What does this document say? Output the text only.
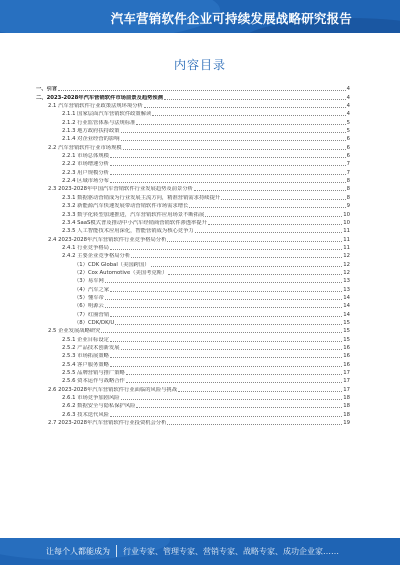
汽车营销软件企业可持续发展战略研究报告
内容目录
一、引言	4
二、2023-2028年汽车营销软件市场前景及趋势预测	4
2.1 汽车营销软件行业政策法规环境分析	4
2.1.1 国家层面汽车营销软件政策解读	4
2.1.2 行业监管体系与法规标准	5
2.1.3 地方政府扶持政策	5
2.1.4 对企业经营的影响	6
2.2 汽车营销软件行业市场规模	6
2.2.1 市场总体规模	6
2.2.2 市场增速分析	7
2.2.3 用户规模分析	7
2.2.4 区域市场分布	8
2.3 2023-2028年中国汽车营销软件行业发展趋势及前景分析	8
2.3.1 数据驱动营销成为行业发展主流方向，精准营销需求持续提升	8
2.3.2 新能源汽车快速发展带动营销软件市场需求增长	9
2.3.3 数字化转型加速推进，汽车营销软件应用场景不断拓展	10
2.3.4 SaaS模式普及推动中小汽车经销商营销软件渗透率提升	10
2.3.5 人工智能技术应用深化，智能营销成为核心竞争力	11
2.4 2023-2028年汽车营销软件行业竞争格局分析	11
2.4.1 行业竞争格局	11
2.4.2 主要企业竞争格局分析	12
（1）CDK Global（美国跨国）	12
（2）Cox Automotive（美国考克斯）	12
（3）易车网	13
（4）汽车之家	13
（5）懂车帝	14
（6）明源云	14
（7）红圈营销	14
（8）CDK/DK/U	15
2.5 企业发展战略研究	15
2.5.1 企业目标设定	15
2.5.2 产品技术创新发展	16
2.5.3 市场拓展策略	16
2.5.4 客户服务策略	16
2.5.5 品牌营销与推广策略	17
2.5.6 资本运作与战略合作	17
2.6 2023-2028年汽车营销软件行业面临的风险与挑战	17
2.6.1 市场竞争加剧风险	18
2.6.2 数据安全与隐私保护风险	18
2.6.3 技术迭代风险	18
2.7 2023-2028年汽车营销软件行业投资机会分析	19
让每个人都能成为 行业专家、管理专家、营销专家、战略专家、成功企业家……
